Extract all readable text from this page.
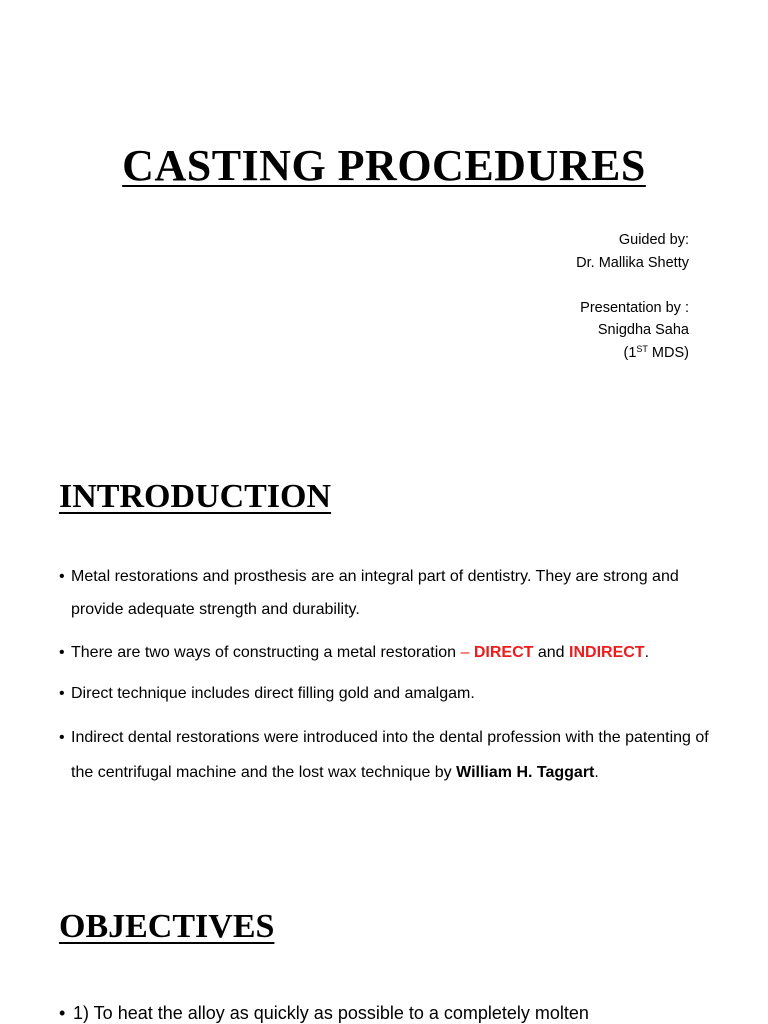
CASTING PROCEDURES
Guided by:
Dr. Mallika Shetty
Presentation by :
Snigdha Saha
(1ST MDS)
INTRODUCTION
• Metal restorations and prosthesis are an integral part of dentistry. They are strong and provide adequate strength and durability.
• There are two ways of constructing a metal restoration – DIRECT and INDIRECT.
• Direct technique includes direct filling gold and amalgam.
• Indirect dental restorations were introduced into the dental profession with the patenting of the centrifugal machine and the lost wax technique by William H. Taggart.
OBJECTIVES
• 1) To heat the alloy as quickly as possible to a completely molten
